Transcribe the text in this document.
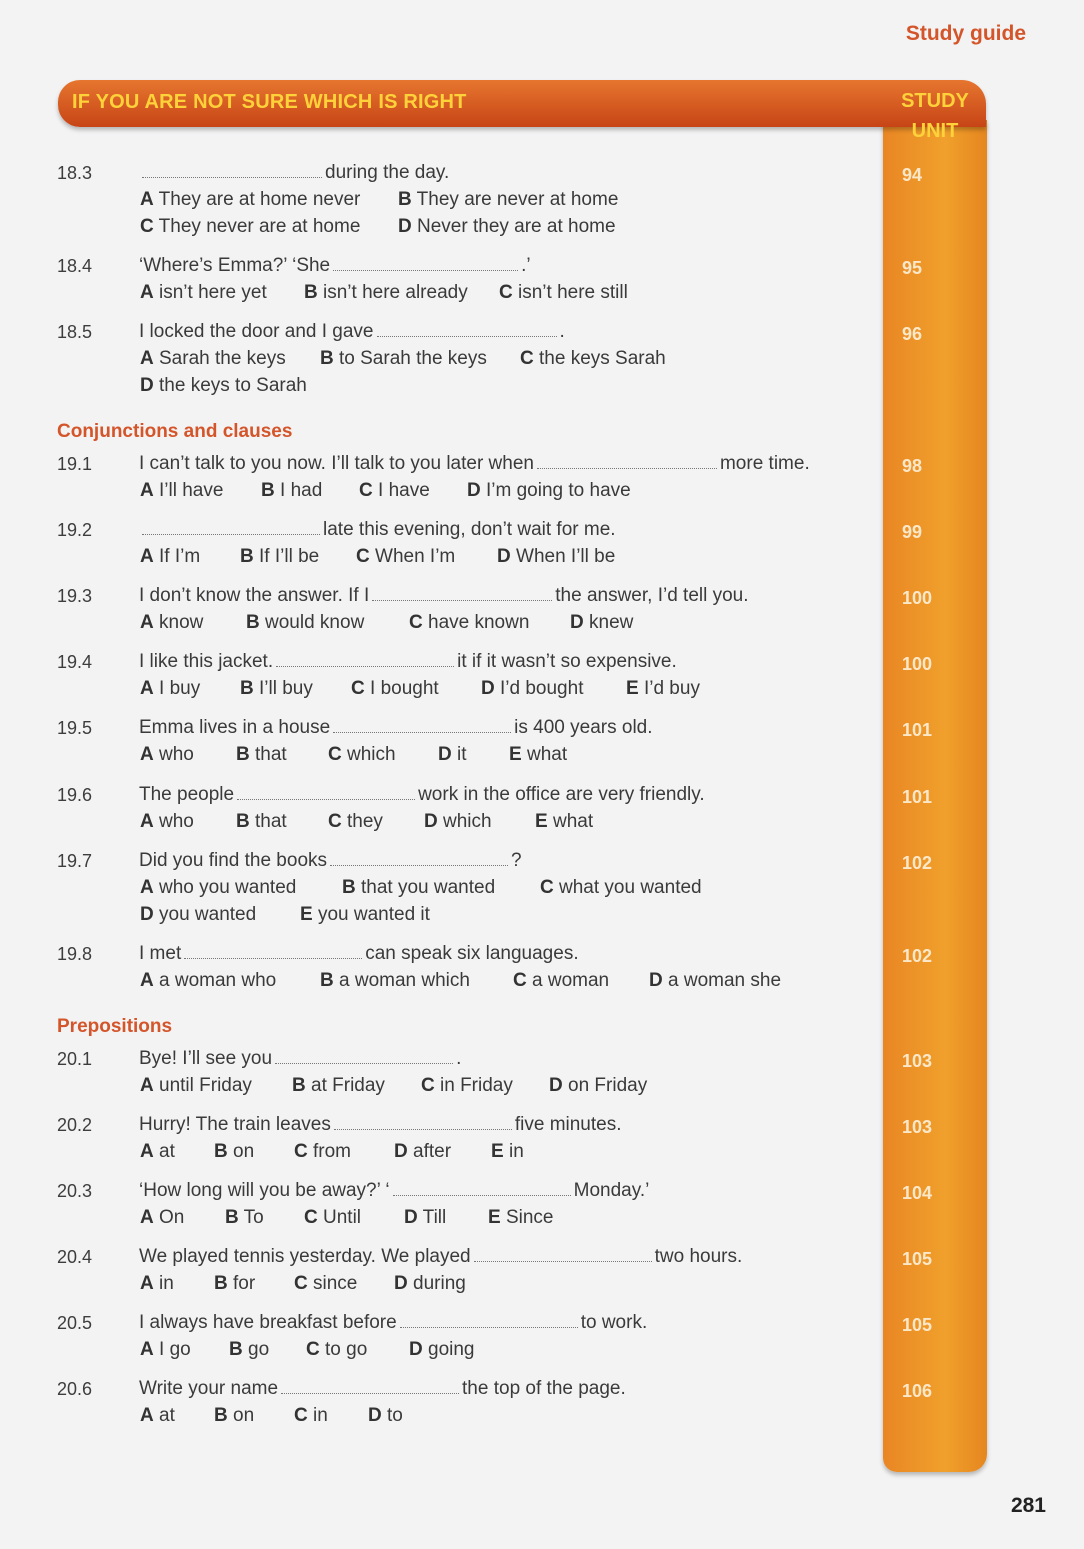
Study guide
IF YOU ARE NOT SURE WHICH IS RIGHT	STUDY
UNIT
Conjunctions and clauses
Prepositions
18.3	during the day.
A They are at home never B They are never at home
C They never are at home D Never they are at home
94
18.4 ‘Where’s Emma?’ ‘She	.’
A isn’t here yet B isn’t here already C isn’t here still
95
18.5 I locked the door and I gave	.
A Sarah the keys B to Sarah the keys C the keys Sarah
D the keys to Sarah
96
19.1 I can’t talk to you now. I’ll talk to you later when	more time.
A I’ll have B I had C I have D I’m going to have
98
19.2	late this evening, don’t wait for me.
A If I’m B If I’ll be C When I’m D When I’ll be
99
19.3 I don’t know the answer. If I	the answer, I’d tell you.
A know B would know C have known D knew
100
19.4 I like this jacket.	it if it wasn’t so expensive.
A I buy B I’ll buy C I bought D I’d bought E I’d buy
100
19.5 Emma lives in a house	is 400 years old.
A who B that C which D it E what
101
19.6 The people	work in the office are very friendly.
A who B that C they D which E what
101
19.7 Did you find the books	?
A who you wanted B that you wanted C what you wanted
D you wanted E you wanted it
102
19.8 I met	can speak six languages.
A a woman who B a woman which C a woman D a woman she
102
20.1 Bye! I’ll see you	.
A until Friday B at Friday C in Friday D on Friday
103
20.2 Hurry! The train leaves	five minutes.
A at B on C from D after E in
103
20.3 ‘How long will you be away?’ ‘	Monday.’
A On B To C Until D Till E Since
104
20.4 We played tennis yesterday. We played	two hours.
A in B for C since D during
105
20.5 I always have breakfast before	to work.
A I go B go C to go D going
105
20.6 Write your name	the top of the page.
A at B on C in D to
106
281
